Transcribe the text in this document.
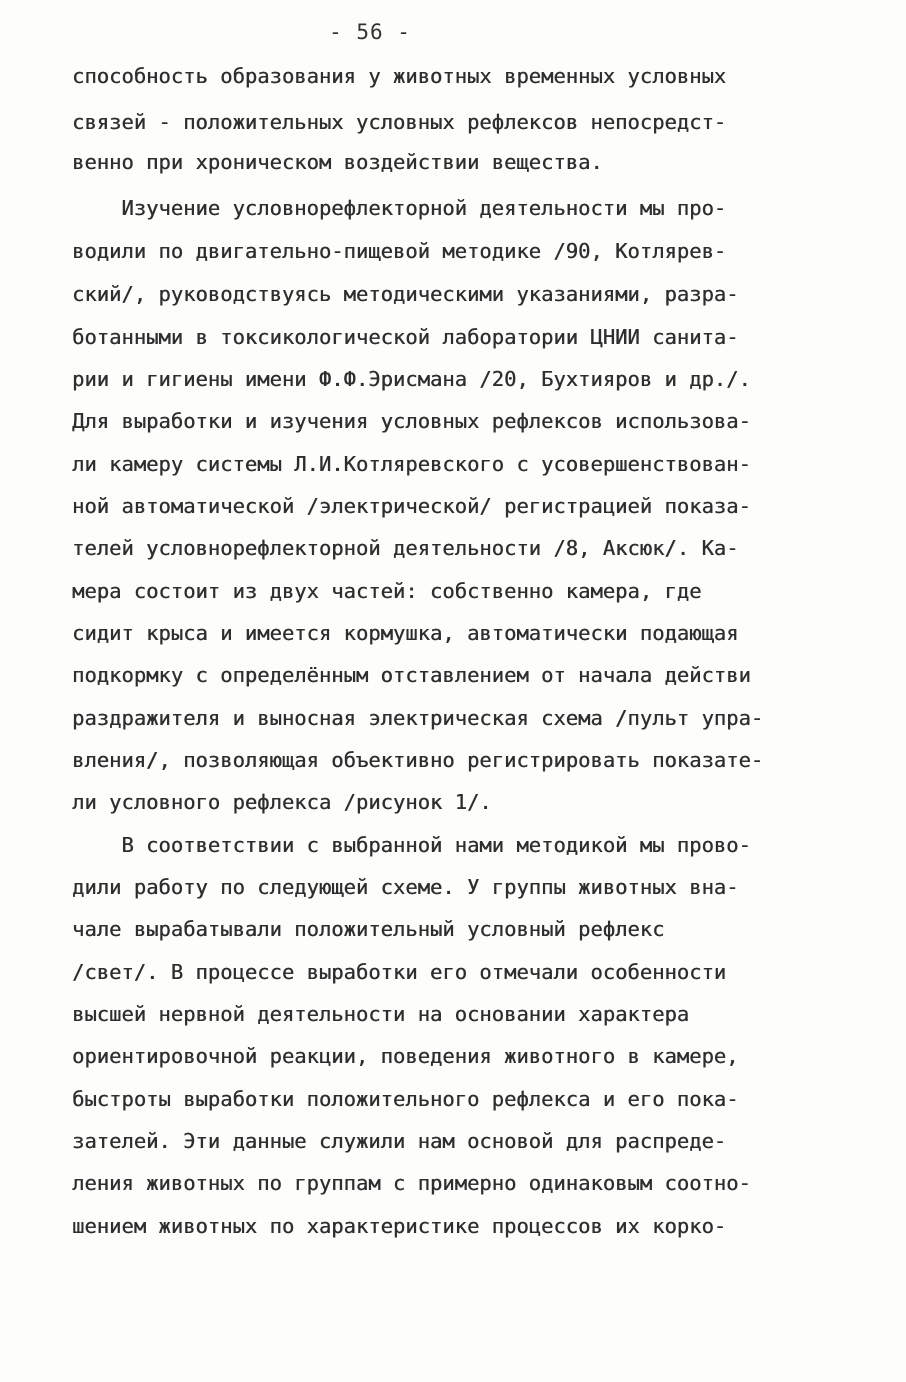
- 56 -
способность образования у животных временных условных
связей - положительных условных рефлексов непосредст-
венно при хроническом воздействии вещества.
Изучение условнорефлекторной деятельности мы про-
водили по двигательно-пищевой методике /90, Котлярев-
ский/, руководствуясь методическими указаниями, разра-
ботанными в токсикологической лаборатории ЦНИИ санита-
рии и гигиены имени Ф.Ф.Эрисмана /20, Бухтияров и др./.
Для выработки и изучения условных рефлексов использова-
ли камеру системы Л.И.Котляревского с усовершенствован-
ной автоматической /электрической/ регистрацией показа-
телей условнорефлекторной деятельности /8, Аксюк/. Ка-
мера состоит из двух частей: собственно камера, где
сидит крыса и имеется кормушка, автоматически подающая
подкормку с определённым отставлением от начала действи
раздражителя и выносная электрическая схема /пульт упра-
вления/, позволяющая объективно регистрировать показате-
ли условного рефлекса /рисунок 1/.
В соответствии с выбранной нами методикой мы прово-
дили работу по следующей схеме. У группы животных вна-
чале вырабатывали положительный условный рефлекс
/свет/. В процессе выработки его отмечали особенности
высшей нервной деятельности на основании характера
ориентировочной реакции, поведения животного в камере,
быстроты выработки положительного рефлекса и его пока-
зателей. Эти данные служили нам основой для распреде-
ления животных по группам с примерно одинаковым соотно-
шением животных по характеристике процессов их корко-
